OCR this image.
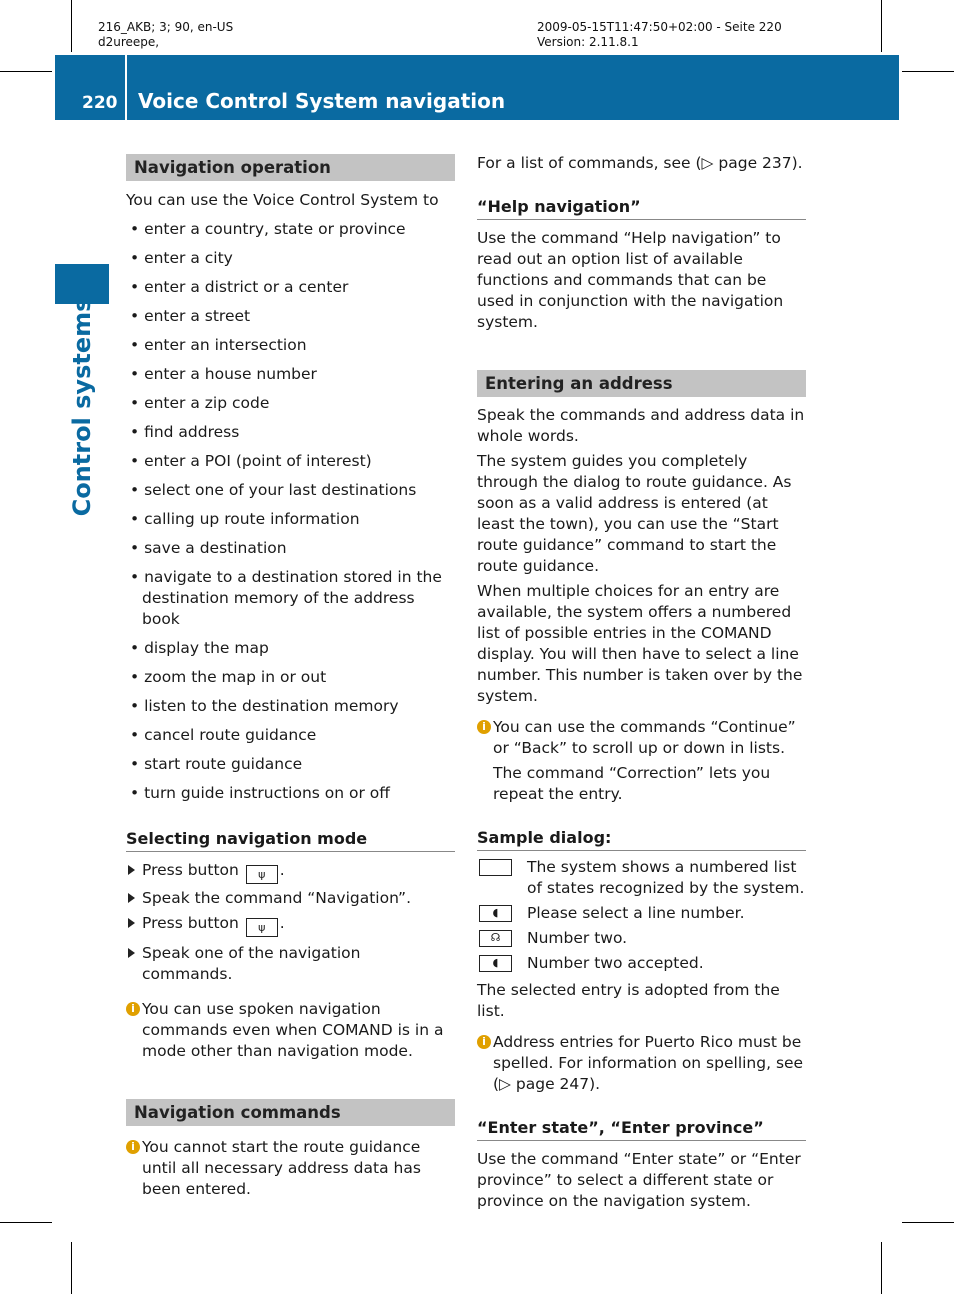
216_AKB; 3; 90, en-US
d2ureepe,
2009-05-15T11:47:50+02:00 - Seite 220
Version: 2.11.8.1
220 Voice Control System navigation
Control systems
Navigation operation

You can use the Voice Control System to

• enter a country, state or province

• enter a city

• enter a district or a center

• enter a street

• enter an intersection

• enter a house number

• enter a zip code

• find address

• enter a POI (point of interest)

• select one of your last destinations

• calling up route information

• save a destination

• navigate to a destination stored in the destination memory of the address book

• display the map

• zoom the map in or out

• listen to the destination memory

• cancel route guidance

• start route guidance

• turn guide instructions on or off

Selecting navigation mode

Press button ψ .

Speak the command “Navigation”.

Press button ψ .

Speak one of the navigation commands.

i You can use spoken navigation commands even when COMAND is in a mode other than navigation mode.

Navigation commands

i You cannot start the route guidance until all necessary address data has been entered.

For a list of commands, see (▷ page 237).

“Help navigation”

Use the command “Help navigation” to read out an option list of available functions and commands that can be used in conjunction with the navigation system.

Entering an address

Speak the commands and address data in whole words.

The system guides you completely through the dialog to route guidance. As soon as a valid address is entered (at least the town), you can use the “Start route guidance” command to start the route guidance.

When multiple choices for an entry are available, the system offers a numbered list of possible entries in the COMAND display. You will then have to select a line number. This number is taken over by the system.

i You can use the commands “Continue” or “Back” to scroll up or down in lists.

The command “Correction” lets you repeat the entry.

Sample dialog:

The system shows a numbered list of states recognized by the system.

◖	Please select a line number.

☊	Number two.

◖	Number two accepted.

The selected entry is adopted from the list.

i Address entries for Puerto Rico must be spelled. For information on spelling, see (▷ page 247).

“Enter state”, “Enter province”

Use the command “Enter state” or “Enter province” to select a different state or province on the navigation system.
